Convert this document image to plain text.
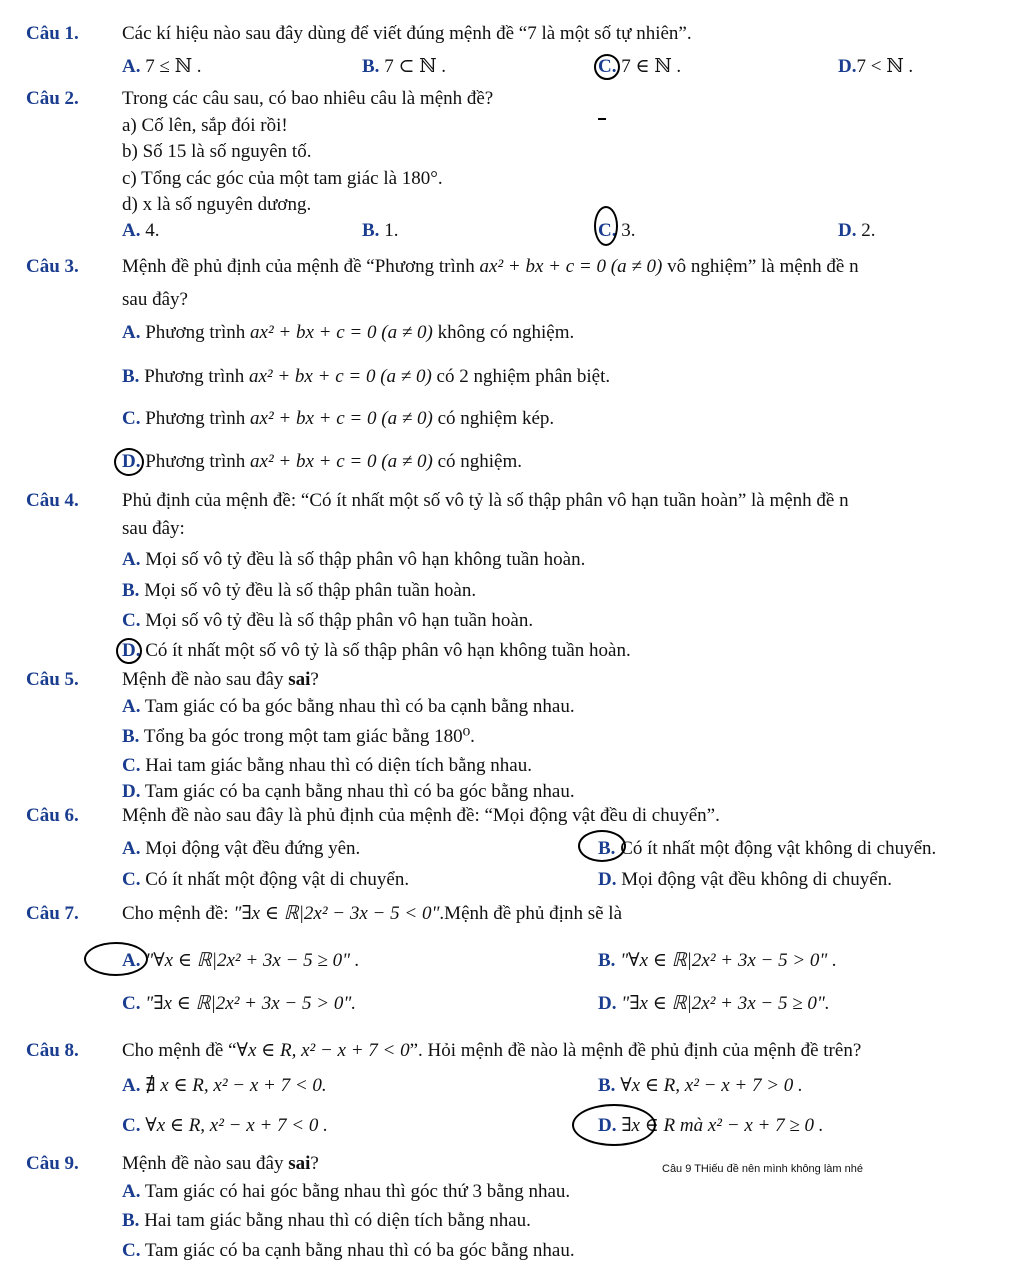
Câu 1. Các kí hiệu nào sau đây dùng để viết đúng mệnh đề “7 là một số tự nhiên”.
A. 7 ≤ ℕ .	B. 7 ⊂ ℕ .	C. 7 ∈ ℕ .	D.7 < ℕ .
Câu 2. Trong các câu sau, có bao nhiêu câu là mệnh đề?
a) Cố lên, sắp đói rồi!
b) Số 15 là số nguyên tố.
c) Tổng các góc của một tam giác là 180°.
d) x là số nguyên dương.
A. 4.	B. 1.	C. 3.	D. 2.
Câu 3. Mệnh đề phủ định của mệnh đề “Phương trình ax² + bx + c = 0 (a ≠ 0) vô nghiệm” là mệnh đề n
sau đây?
A. Phương trình ax² + bx + c = 0 (a ≠ 0) không có nghiệm.
B. Phương trình ax² + bx + c = 0 (a ≠ 0) có 2 nghiệm phân biệt.
C. Phương trình ax² + bx + c = 0 (a ≠ 0) có nghiệm kép.
D. Phương trình ax² + bx + c = 0 (a ≠ 0) có nghiệm.
Câu 4. Phủ định của mệnh đề: “Có ít nhất một số vô tỷ là số thập phân vô hạn tuần hoàn” là mệnh đề n
sau đây:
A. Mọi số vô tỷ đều là số thập phân vô hạn không tuần hoàn.
B. Mọi số vô tỷ đều là số thập phân tuần hoàn.
C. Mọi số vô tỷ đều là số thập phân vô hạn tuần hoàn.
D. Có ít nhất một số vô tỷ là số thập phân vô hạn không tuần hoàn.
Câu 5. Mệnh đề nào sau đây sai?
A. Tam giác có ba góc bằng nhau thì có ba cạnh bằng nhau.
B. Tổng ba góc trong một tam giác bằng 180⁰.
C. Hai tam giác bằng nhau thì có diện tích bằng nhau.
D. Tam giác có ba cạnh bằng nhau thì có ba góc bằng nhau.
Câu 6. Mệnh đề nào sau đây là phủ định của mệnh đề: “Mọi động vật đều di chuyển”.
A. Mọi động vật đều đứng yên.	B. Có ít nhất một động vật không di chuyển.
C. Có ít nhất một động vật di chuyển.	D. Mọi động vật đều không di chuyển.
Câu 7. Cho mệnh đề: "∃x ∈ ℝ|2x² − 3x − 5 < 0".Mệnh đề phủ định sẽ là
A. "∀x ∈ ℝ|2x² + 3x − 5 ≥ 0" .	B. "∀x ∈ ℝ|2x² + 3x − 5 > 0" .
C. "∃x ∈ ℝ|2x² + 3x − 5 > 0".	D. "∃x ∈ ℝ|2x² + 3x − 5 ≥ 0".
Câu 8. Cho mệnh đề “∀x ∈ R, x² − x + 7 < 0”. Hỏi mệnh đề nào là mệnh đề phủ định của mệnh đề trên?
A. ∄ x ∈ R, x² − x + 7 < 0.	B. ∀x ∈ R, x² − x + 7 > 0 .
C. ∀x ∈ R, x² − x + 7 < 0 .	D. ∃x ∈ R mà x² − x + 7 ≥ 0 .
Câu 9. Mệnh đề nào sau đây sai?	Câu 9 THiếu đề nên mình không làm nhé
A. Tam giác có hai góc bằng nhau thì góc thứ 3 bằng nhau.
B. Hai tam giác bằng nhau thì có diện tích bằng nhau.
C. Tam giác có ba cạnh bằng nhau thì có ba góc bằng nhau.
